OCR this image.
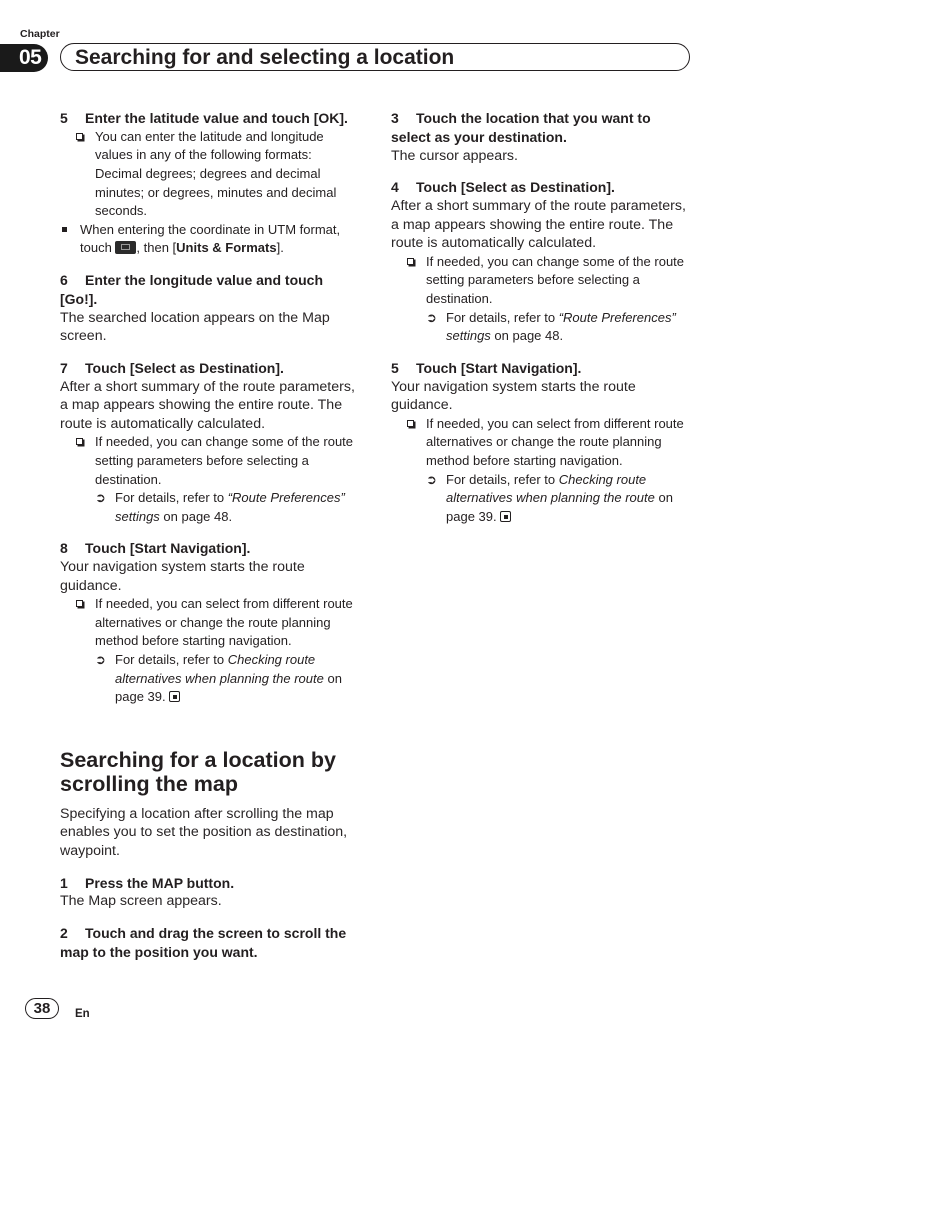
Chapter
05	Searching for and selecting a location

5 Enter the latitude value and touch [OK].

You can enter the latitude and longitude values in any of the following formats: Decimal degrees; degrees and decimal minutes; or degrees, minutes and decimal seconds.

When entering the coordinate in UTM format, touch , then [Units & Formats].

6 Enter the longitude value and touch [Go!].

The searched location appears on the Map screen.

7 Touch [Select as Destination].

After a short summary of the route parameters, a map appears showing the entire route. The route is automatically calculated.

If needed, you can change some of the route setting parameters before selecting a destination.

➲ For details, refer to “Route Preferences” settings on page 48.

8 Touch [Start Navigation].

Your navigation system starts the route guidance.

If needed, you can select from different route alternatives or change the route planning method before starting navigation.

➲ For details, refer to Checking route alternatives when planning the route on page 39.

Searching for a location by scrolling the map

Specifying a location after scrolling the map enables you to set the position as destination, waypoint.

1 Press the MAP button.

The Map screen appears.

2 Touch and drag the screen to scroll the map to the position you want.

3 Touch the location that you want to select as your destination.

The cursor appears.

4 Touch [Select as Destination].

After a short summary of the route parameters, a map appears showing the entire route. The route is automatically calculated.

If needed, you can change some of the route setting parameters before selecting a destination.

➲ For details, refer to “Route Preferences” settings on page 48.

5 Touch [Start Navigation].

Your navigation system starts the route guidance.

If needed, you can select from different route alternatives or change the route planning method before starting navigation.

➲ For details, refer to Checking route alternatives when planning the route on page 39.

38	En
